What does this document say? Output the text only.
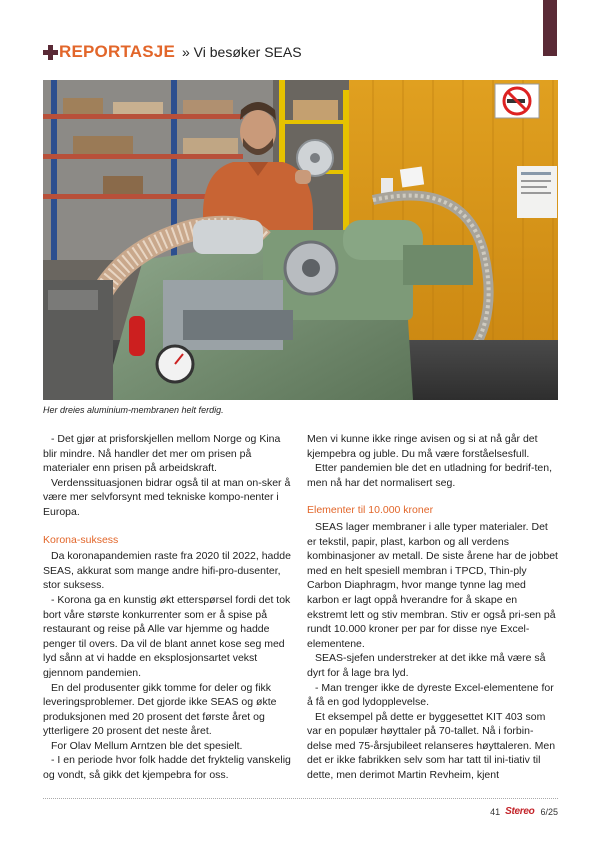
REPORTASJE » Vi besøker SEAS
Her dreies aluminium-membranen helt ferdig.

- Det gjør at prisforskjellen mellom Norge og Kina blir mindre. Nå handler det mer om prisen på materialer enn prisen på arbeidskraft.

Verdenssituasjonen bidrar også til at man on-sker å være mer selvforsynt med tekniske kompo-nenter i Europa.

Korona-suksess

Da koronapandemien raste fra 2020 til 2022, hadde SEAS, akkurat som mange andre hifi-pro-dusenter, stor suksess.

- Korona ga en kunstig økt etterspørsel fordi det tok bort våre største konkurrenter som er å spise på restaurant og reise på Alle var hjemme og hadde penger til overs. Da vil de blant annet kose seg med lyd sånn at vi hadde en eksplosjonsartet vekst gjennom pandemien.

En del produsenter gikk tomme for deler og fikk leveringsproblemer. Det gjorde ikke SEAS og økte produksjonen med 20 prosent det første året og ytterligere 20 prosent det neste året.

For Olav Mellum Arntzen ble det spesielt.

- I en periode hvor folk hadde det fryktelig vanskelig og vondt, så gikk det kjempebra for oss.

Men vi kunne ikke ringe avisen og si at nå går det kjempebra og juble. Du må være forståelsesfull.

Etter pandemien ble det en utladning for bedrif-ten, men nå har det normalisert seg.

Elementer til 10.000 kroner

SEAS lager membraner i alle typer materialer. Det er tekstil, papir, plast, karbon og all verdens kombinasjoner av metall. De siste årene har de jobbet med en helt spesiell membran i TPCD, Thin-ply Carbon Diaphragm, hvor mange tynne lag med karbon er lagt oppå hverandre for å skape en ekstremt lett og stiv membran. Stiv er også pri-sen på rundt 10.000 kroner per par for disse nye Excel-elementene.

SEAS-sjefen understreker at det ikke må være så dyrt for å lage bra lyd.

- Man trenger ikke de dyreste Excel-elementene for å få en god lydopplevelse.

Et eksempel på dette er byggesettet KIT 403 som var en populær høyttaler på 70-tallet. Nå i forbin-delse med 75-årsjubileet relanseres høyttaleren. Men det er ikke fabrikken selv som har tatt til ini-tiativ til dette, men derimot Martin Revheim, kjent

41 Stereo 6/25
